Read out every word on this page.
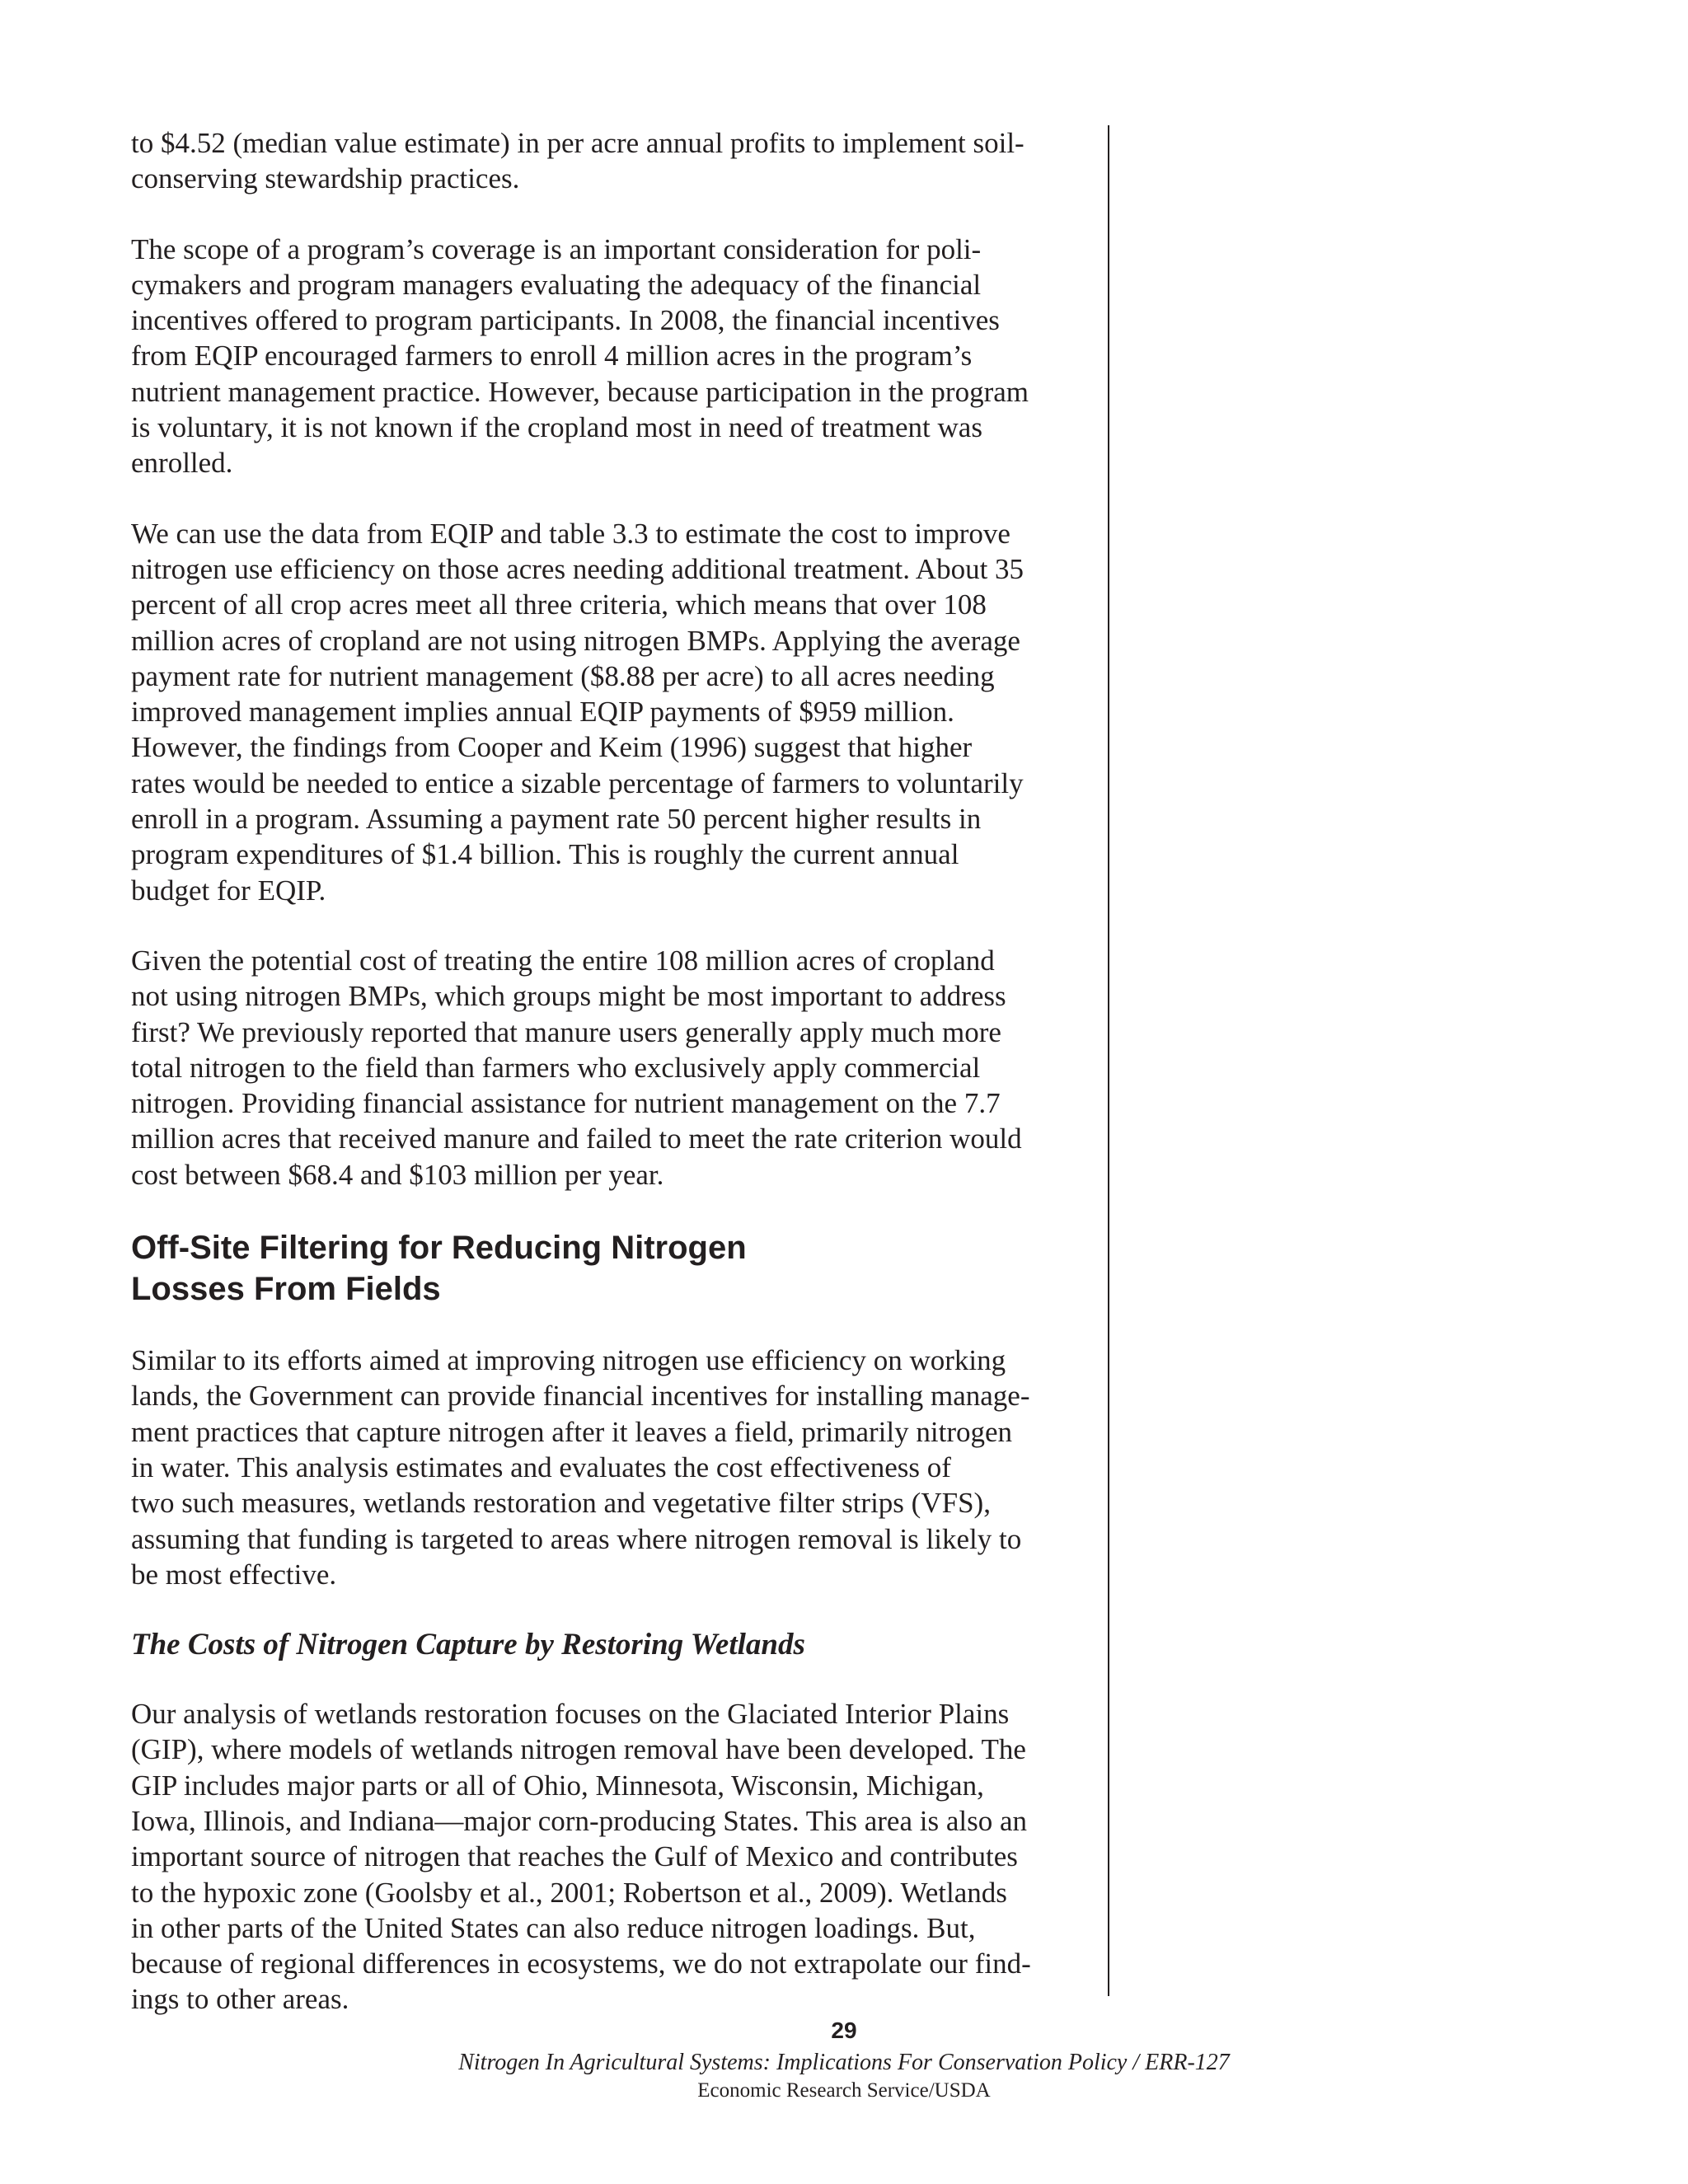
to $4.52 (median value estimate) in per acre annual profits to implement soil-
conserving stewardship practices.

The scope of a program’s coverage is an important consideration for poli-
cymakers and program managers evaluating the adequacy of the financial
incentives offered to program participants. In 2008, the financial incentives
from EQIP encouraged farmers to enroll 4 million acres in the program’s
nutrient management practice. However, because participation in the program
is voluntary, it is not known if the cropland most in need of treatment was
enrolled.

We can use the data from EQIP and table 3.3 to estimate the cost to improve
nitrogen use efficiency on those acres needing additional treatment. About 35
percent of all crop acres meet all three criteria, which means that over 108
million acres of cropland are not using nitrogen BMPs. Applying the average
payment rate for nutrient management ($8.88 per acre) to all acres needing
improved management implies annual EQIP payments of $959 million.
However, the findings from Cooper and Keim (1996) suggest that higher
rates would be needed to entice a sizable percentage of farmers to voluntarily
enroll in a program. Assuming a payment rate 50 percent higher results in
program expenditures of $1.4 billion. This is roughly the current annual
budget for EQIP.

Given the potential cost of treating the entire 108 million acres of cropland
not using nitrogen BMPs, which groups might be most important to address
first? We previously reported that manure users generally apply much more
total nitrogen to the field than farmers who exclusively apply commercial
nitrogen. Providing financial assistance for nutrient management on the 7.7
million acres that received manure and failed to meet the rate criterion would
cost between $68.4 and $103 million per year.

Off-Site Filtering for Reducing Nitrogen
Losses From Fields

Similar to its efforts aimed at improving nitrogen use efficiency on working
lands, the Government can provide financial incentives for installing manage-
ment practices that capture nitrogen after it leaves a field, primarily nitrogen
in water. This analysis estimates and evaluates the cost effectiveness of
two such measures, wetlands restoration and vegetative filter strips (VFS),
assuming that funding is targeted to areas where nitrogen removal is likely to
be most effective.

The Costs of Nitrogen Capture by Restoring Wetlands

Our analysis of wetlands restoration focuses on the Glaciated Interior Plains
(GIP), where models of wetlands nitrogen removal have been developed. The
GIP includes major parts or all of Ohio, Minnesota, Wisconsin, Michigan,
Iowa, Illinois, and Indiana—major corn-producing States. This area is also an
important source of nitrogen that reaches the Gulf of Mexico and contributes
to the hypoxic zone (Goolsby et al., 2001; Robertson et al., 2009). Wetlands
in other parts of the United States can also reduce nitrogen loadings. But,
because of regional differences in ecosystems, we do not extrapolate our find-
ings to other areas.

29
Nitrogen In Agricultural Systems: Implications For Conservation Policy / ERR-127
Economic Research Service/USDA
